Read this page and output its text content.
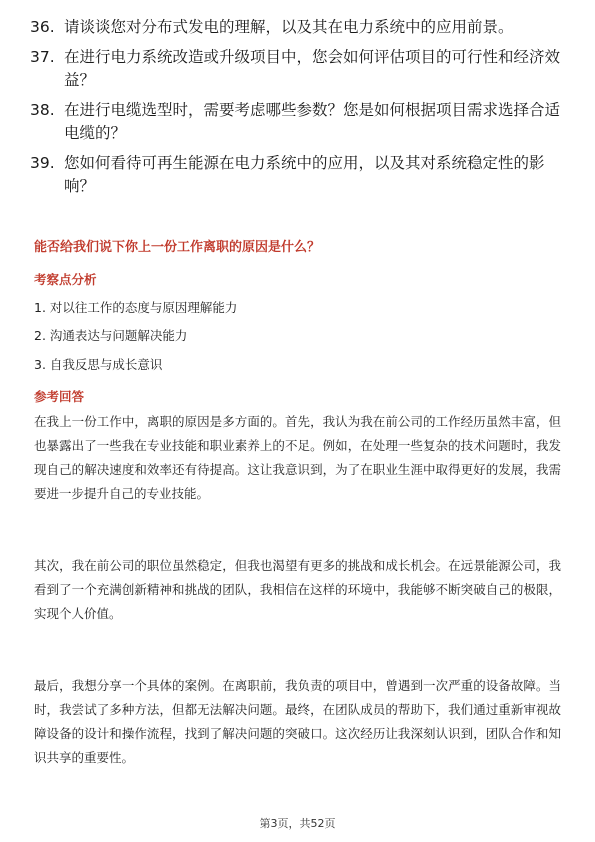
36. 请谈谈您对分布式发电的理解，以及其在电力系统中的应用前景。
37. 在进行电力系统改造或升级项目中，您会如何评估项目的可行性和经济效益？
38. 在进行电缆选型时，需要考虑哪些参数？您是如何根据项目需求选择合适电缆的？
39. 您如何看待可再生能源在电力系统中的应用，以及其对系统稳定性的影响？
能否给我们说下你上一份工作离职的原因是什么？
考察点分析
1. 对以往工作的态度与原因理解能力
2. 沟通表达与问题解决能力
3. 自我反思与成长意识
参考回答
在我上一份工作中，离职的原因是多方面的。首先，我认为我在前公司的工作经历虽然丰富，但也暴露出了一些我在专业技能和职业素养上的不足。例如，在处理一些复杂的技术问题时，我发现自己的解决速度和效率还有待提高。这让我意识到，为了在职业生涯中取得更好的发展，我需要进一步提升自己的专业技能。
其次，我在前公司的职位虽然稳定，但我也渴望有更多的挑战和成长机会。在远景能源公司，我看到了一个充满创新精神和挑战的团队，我相信在这样的环境中，我能够不断突破自己的极限，实现个人价值。
最后，我想分享一个具体的案例。在离职前，我负责的项目中，曾遇到一次严重的设备故障。当时，我尝试了多种方法，但都无法解决问题。最终，在团队成员的帮助下，我们通过重新审视故障设备的设计和操作流程，找到了解决问题的突破口。这次经历让我深刻认识到，团队合作和知识共享的重要性。
第3页，共52页
